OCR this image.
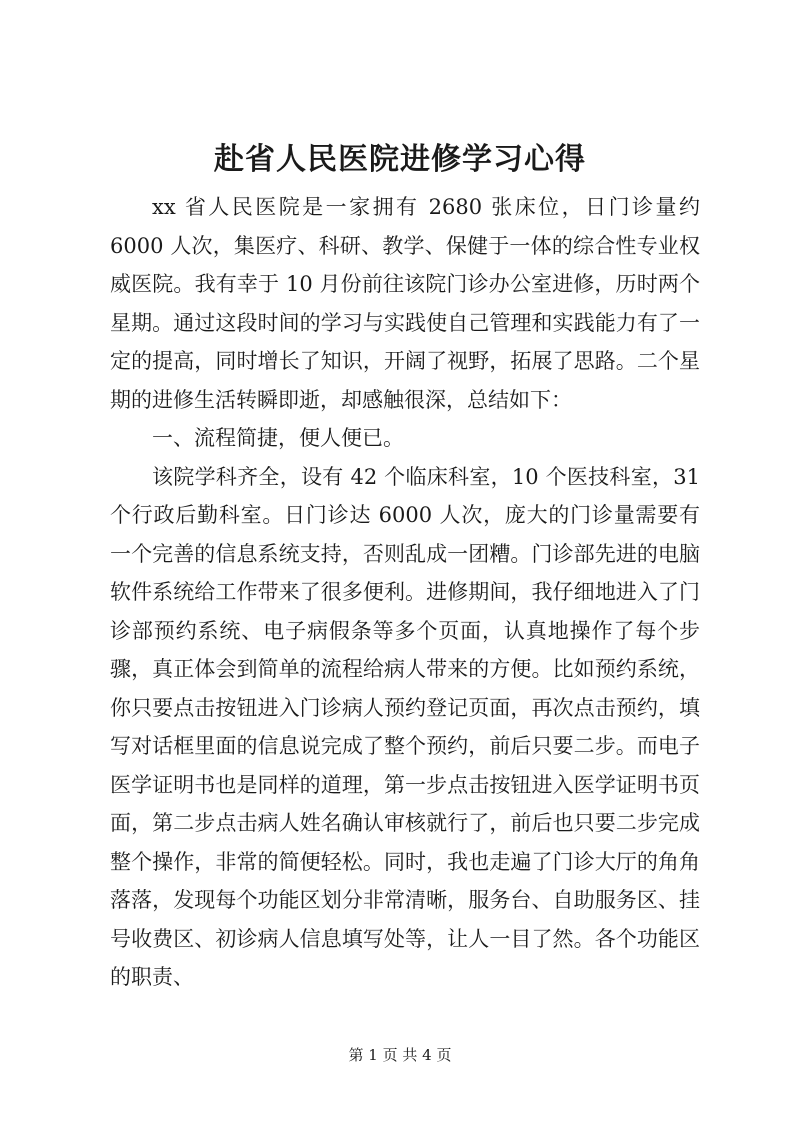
赴省人民医院进修学习心得

xx 省人民医院是一家拥有 2680 张床位，日门诊量约 6000 人次，集医疗、科研、教学、保健于一体的综合性专业权威医院。我有幸于 10 月份前往该院门诊办公室进修，历时两个星期。通过这段时间的学习与实践使自己管理和实践能力有了一定的提高，同时增长了知识，开阔了视野，拓展了思路。二个星期的进修生活转瞬即逝，却感触很深，总结如下：

一、流程简捷，便人便已。

该院学科齐全，设有 42 个临床科室，10 个医技科室，31 个行政后勤科室。日门诊达 6000 人次，庞大的门诊量需要有一个完善的信息系统支持，否则乱成一团糟。门诊部先进的电脑软件系统给工作带来了很多便利。进修期间，我仔细地进入了门诊部预约系统、电子病假条等多个页面，认真地操作了每个步骤，真正体会到简单的流程给病人带来的方便。比如预约系统，你只要点击按钮进入门诊病人预约登记页面，再次点击预约，填写对话框里面的信息说完成了整个预约，前后只要二步。而电子医学证明书也是同样的道理，第一步点击按钮进入医学证明书页面，第二步点击病人姓名确认审核就行了，前后也只要二步完成整个操作，非常的简便轻松。同时，我也走遍了门诊大厅的角角落落，发现每个功能区划分非常清晰，服务台、自助服务区、挂号收费区、初诊病人信息填写处等，让人一目了然。各个功能区的职责、

第 1 页 共 4 页
